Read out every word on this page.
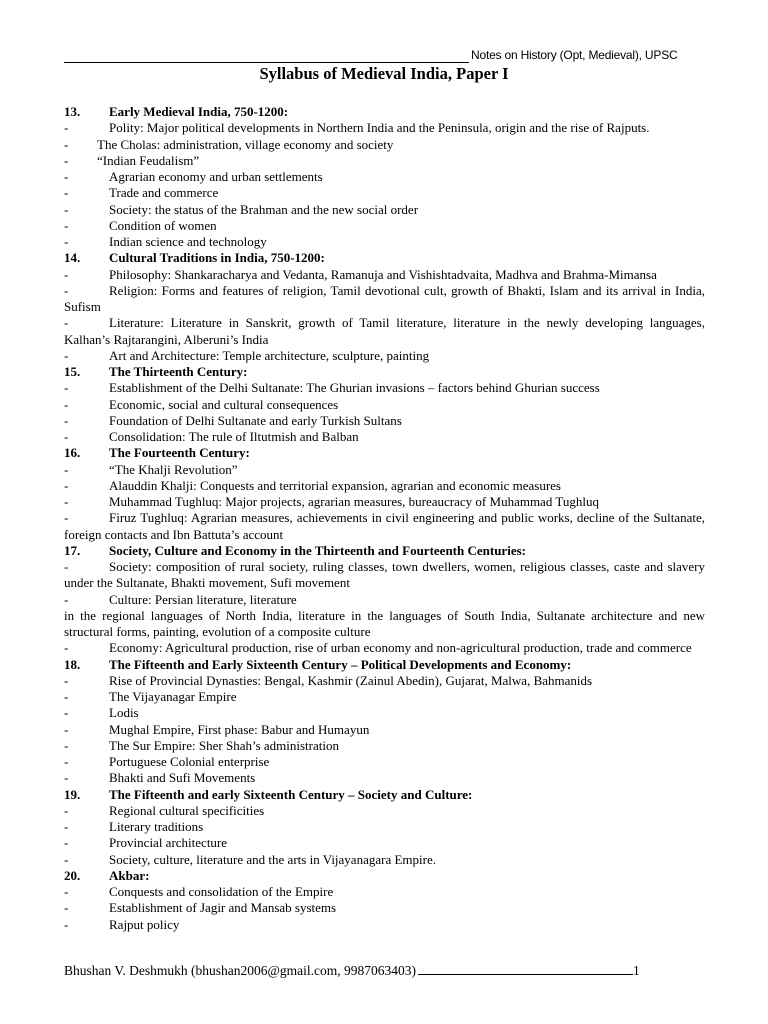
Notes on History (Opt, Medieval), UPSC
Syllabus of Medieval India, Paper I
13.	Early Medieval India, 750-1200:
-	Polity: Major political developments in Northern India and the Peninsula, origin and the rise of Rajputs.
-	The Cholas: administration, village economy and society
-	“Indian Feudalism”
-	Agrarian economy and urban settlements
-	Trade and commerce
-	Society: the status of the Brahman and the new social order
-	Condition of women
-	Indian science and technology
14.	Cultural Traditions in India, 750-1200:
-	Philosophy: Shankaracharya and Vedanta, Ramanuja and Vishishtadvaita, Madhva and Brahma-Mimansa
-	Religion: Forms and features of religion, Tamil devotional cult, growth of Bhakti, Islam and its arrival in India, Sufism
-	Literature: Literature in Sanskrit, growth of Tamil literature, literature in the newly developing languages, Kalhan’s Rajtarangini, Alberuni’s India
-	Art and Architecture: Temple architecture, sculpture, painting
15.	The Thirteenth Century:
-	Establishment of the Delhi Sultanate: The Ghurian invasions – factors behind Ghurian success
-	Economic, social and cultural consequences
-	Foundation of Delhi Sultanate and early Turkish Sultans
-	Consolidation: The rule of Iltutmish and Balban
16.	The Fourteenth Century:
-	“The Khalji Revolution”
-	Alauddin Khalji: Conquests and territorial expansion, agrarian and economic measures
-	Muhammad Tughluq: Major projects, agrarian measures, bureaucracy of Muhammad Tughluq
-	Firuz Tughluq: Agrarian measures, achievements in civil engineering and public works, decline of the Sultanate, foreign contacts and Ibn Battuta’s account
17.	Society, Culture and Economy in the Thirteenth and Fourteenth Centuries:
-	Society: composition of rural society, ruling classes, town dwellers, women, religious classes, caste and slavery under the Sultanate, Bhakti movement, Sufi movement
-	Culture: Persian literature, literature
in the regional languages of North India, literature in the languages of South India, Sultanate architecture and new structural forms, painting, evolution of a composite culture
-	Economy: Agricultural production, rise of urban economy and non-agricultural production, trade and commerce
18.	The Fifteenth and Early Sixteenth Century – Political Developments and Economy:
-	Rise of Provincial Dynasties: Bengal, Kashmir (Zainul Abedin), Gujarat, Malwa, Bahmanids
-	The Vijayanagar Empire
-	Lodis
-	Mughal Empire, First phase: Babur and Humayun
-	The Sur Empire: Sher Shah’s administration
-	Portuguese Colonial enterprise
-	Bhakti and Sufi Movements
19.	The Fifteenth and early Sixteenth Century – Society and Culture:
-	Regional cultural specificities
-	Literary traditions
-	Provincial architecture
-	Society, culture, literature and the arts in Vijayanagara Empire.
20.	Akbar:
-	Conquests and consolidation of the Empire
-	Establishment of Jagir and Mansab systems
-	Rajput policy
Bhushan V. Deshmukh (bhushan2006@gmail.com, 9987063403)	1
